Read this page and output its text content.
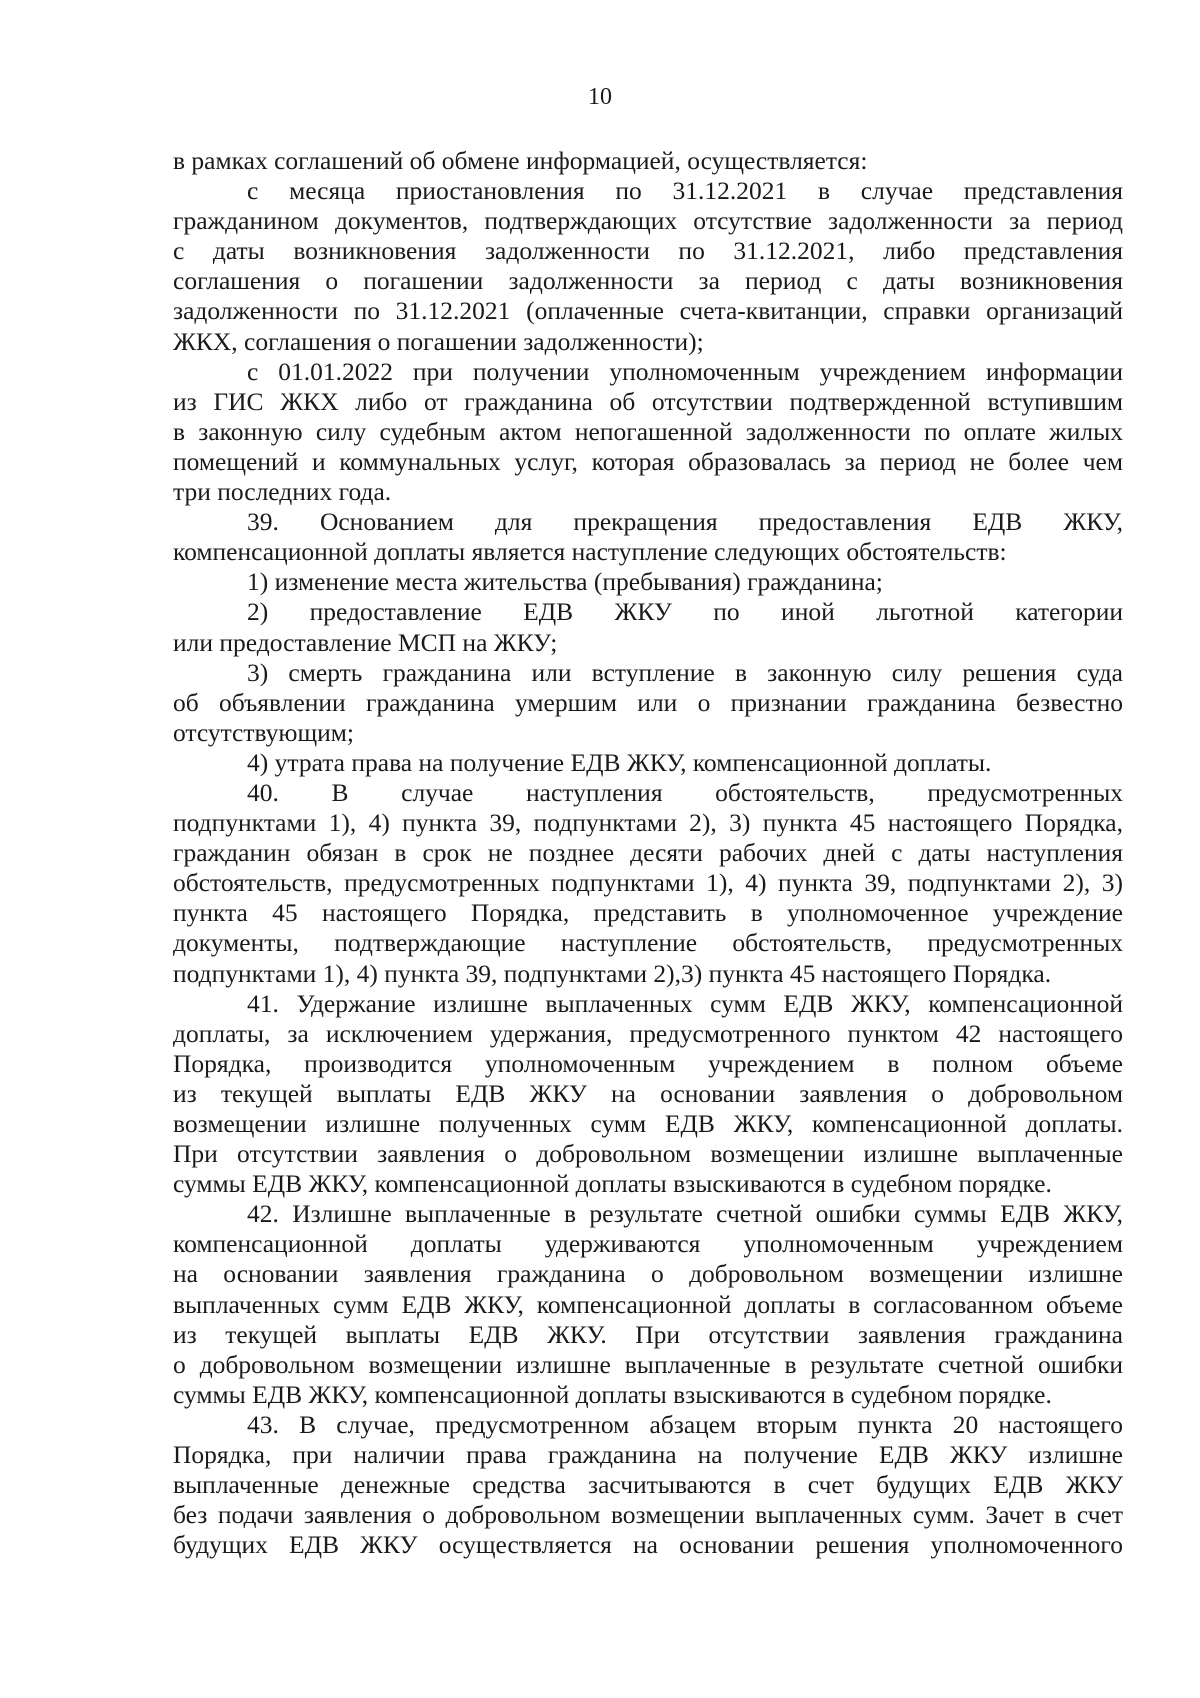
10
в рамках соглашений об обмене информацией, осуществляется:
с месяца приостановления по 31.12.2021 в случае представления
гражданином документов, подтверждающих отсутствие задолженности за период
с даты возникновения задолженности по 31.12.2021, либо представления
соглашения о погашении задолженности за период с даты возникновения
задолженности по 31.12.2021 (оплаченные счета-квитанции, справки организаций
ЖКХ, соглашения о погашении задолженности);
с 01.01.2022 при получении уполномоченным учреждением информации
из ГИС ЖКХ либо от гражданина об отсутствии подтвержденной вступившим
в законную силу судебным актом непогашенной задолженности по оплате жилых
помещений и коммунальных услуг, которая образовалась за период не более чем
три последних года.
39. Основанием для прекращения предоставления ЕДВ ЖКУ,
компенсационной доплаты является наступление следующих обстоятельств:
1) изменение места жительства (пребывания) гражданина;
2) предоставление ЕДВ ЖКУ по иной льготной категории
или предоставление МСП на ЖКУ;
3) смерть гражданина или вступление в законную силу решения суда
об объявлении гражданина умершим или о признании гражданина безвестно
отсутствующим;
4) утрата права на получение ЕДВ ЖКУ, компенсационной доплаты.
40. В случае наступления обстоятельств, предусмотренных
подпунктами 1), 4) пункта 39, подпунктами 2), 3) пункта 45 настоящего Порядка,
гражданин обязан в срок не позднее десяти рабочих дней с даты наступления
обстоятельств, предусмотренных подпунктами 1), 4) пункта 39, подпунктами 2), 3)
пункта 45 настоящего Порядка, представить в уполномоченное учреждение
документы, подтверждающие наступление обстоятельств, предусмотренных
подпунктами 1), 4) пункта 39, подпунктами 2),3) пункта 45 настоящего Порядка.
41. Удержание излишне выплаченных сумм ЕДВ ЖКУ, компенсационной
доплаты, за исключением удержания, предусмотренного пунктом 42 настоящего
Порядка, производится уполномоченным учреждением в полном объеме
из текущей выплаты ЕДВ ЖКУ на основании заявления о добровольном
возмещении излишне полученных сумм ЕДВ ЖКУ, компенсационной доплаты.
При отсутствии заявления о добровольном возмещении излишне выплаченные
суммы ЕДВ ЖКУ, компенсационной доплаты взыскиваются в судебном порядке.
42. Излишне выплаченные в результате счетной ошибки суммы ЕДВ ЖКУ,
компенсационной доплаты удерживаются уполномоченным учреждением
на основании заявления гражданина о добровольном возмещении излишне
выплаченных сумм ЕДВ ЖКУ, компенсационной доплаты в согласованном объеме
из текущей выплаты ЕДВ ЖКУ. При отсутствии заявления гражданина
о добровольном возмещении излишне выплаченные в результате счетной ошибки
суммы ЕДВ ЖКУ, компенсационной доплаты взыскиваются в судебном порядке.
43. В случае, предусмотренном абзацем вторым пункта 20 настоящего
Порядка, при наличии права гражданина на получение ЕДВ ЖКУ излишне
выплаченные денежные средства засчитываются в счет будущих ЕДВ ЖКУ
без подачи заявления о добровольном возмещении выплаченных сумм. Зачет в счет
будущих ЕДВ ЖКУ осуществляется на основании решения уполномоченного
